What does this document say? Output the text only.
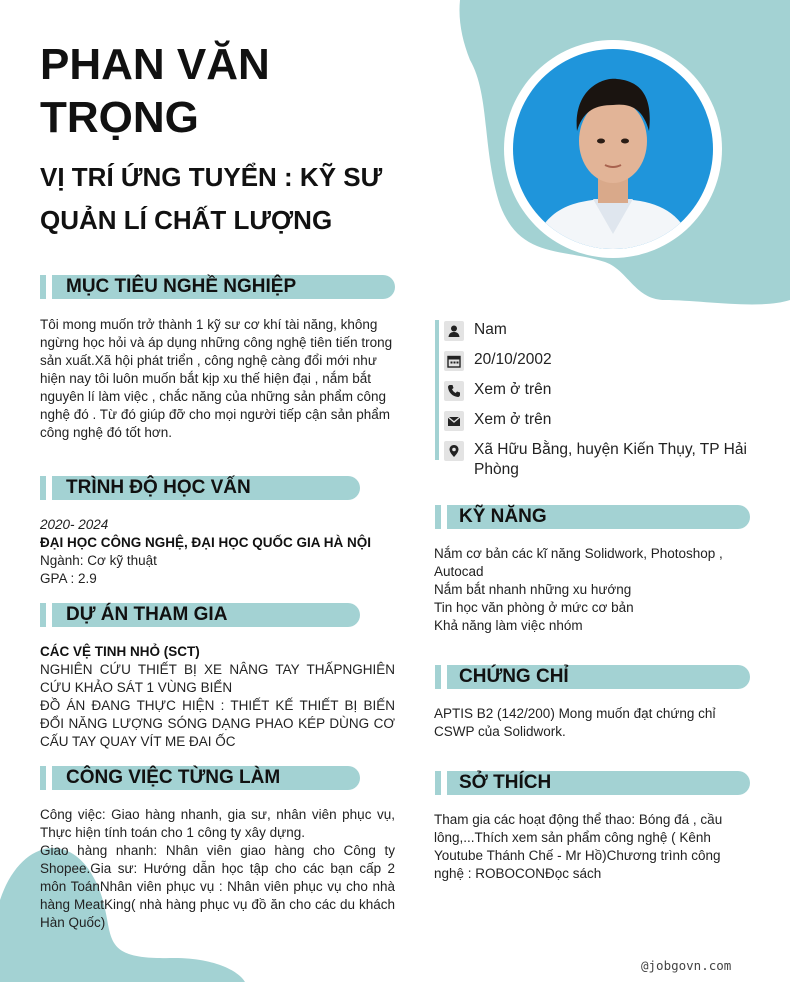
PHAN VĂN TRỌNG
VỊ TRÍ ỨNG TUYỂN : KỸ SƯ QUẢN LÍ CHẤT LƯỢNG
MỤC TIÊU NGHỀ NGHIỆP
Tôi mong muốn trở thành 1 kỹ sư cơ khí tài năng, không ngừng học hỏi và áp dụng những công nghệ tiên tiến trong sản xuất.Xã hội phát triển , công nghệ càng đổi mới như hiện nay tôi luôn muốn bắt kịp xu thế hiện đại , nắm bắt nguyên lí làm việc , chắc năng của những sản phẩm công nghệ đó . Từ đó giúp đỡ cho mọi người tiếp cận sản phẩm công nghệ đó tốt hơn.
TRÌNH ĐỘ HỌC VẤN
2020- 2024
ĐẠI HỌC CÔNG NGHỆ, ĐẠI HỌC QUỐC GIA HÀ NỘI
Ngành: Cơ kỹ thuật
GPA : 2.9
DỰ ÁN THAM GIA
CÁC VỆ TINH NHỎ (SCT)
NGHIÊN CỨU THIẾT BỊ XE NÂNG TAY THẤPNGHIÊN CỨU KHẢO SÁT 1 VÙNG BIỂN
ĐỒ ÁN ĐANG THỰC HIỆN : THIẾT KẾ THIẾT BỊ BIẾN ĐỔI NĂNG LƯỢNG SÓNG DẠNG PHAO KÉP DÙNG CƠ CẤU TAY QUAY VÍT ME ĐAI ỐC
CÔNG VIỆC TỪNG LÀM
Công việc: Giao hàng nhanh, gia sư, nhân viên phục vụ, Thực hiện tính toán cho 1 công ty xây dựng.
Giao hàng nhanh: Nhân viên giao hàng cho Công ty Shopee.Gia sư: Hướng dẫn học tập cho các bạn cấp 2 môn ToánNhân viên phục vụ : Nhân viên phục vụ cho nhà hàng MeatKing( nhà hàng phục vụ đồ ăn cho các du khách Hàn Quốc)
Nam
20/10/2002
Xem ở trên
Xem ở trên
Xã Hữu Bằng, huyện Kiến Thụy, TP Hải Phòng
KỸ NĂNG
Nắm cơ bản các kĩ năng Solidwork, Photoshop , Autocad
Nắm bắt nhanh những xu hướng
Tin học văn phòng ở mức cơ bản
Khả năng làm việc nhóm
CHỨNG CHỈ
APTIS B2 (142/200) Mong muốn đạt chứng chỉ CSWP của Solidwork.
SỞ THÍCH
Tham gia các hoạt động thể thao: Bóng đá , cầu lông,...Thích xem sản phẩm công nghệ ( Kênh Youtube Thánh Chế - Mr Hồ)Chương trình công nghệ : ROBOCONĐọc sách
@jobgovn.com
